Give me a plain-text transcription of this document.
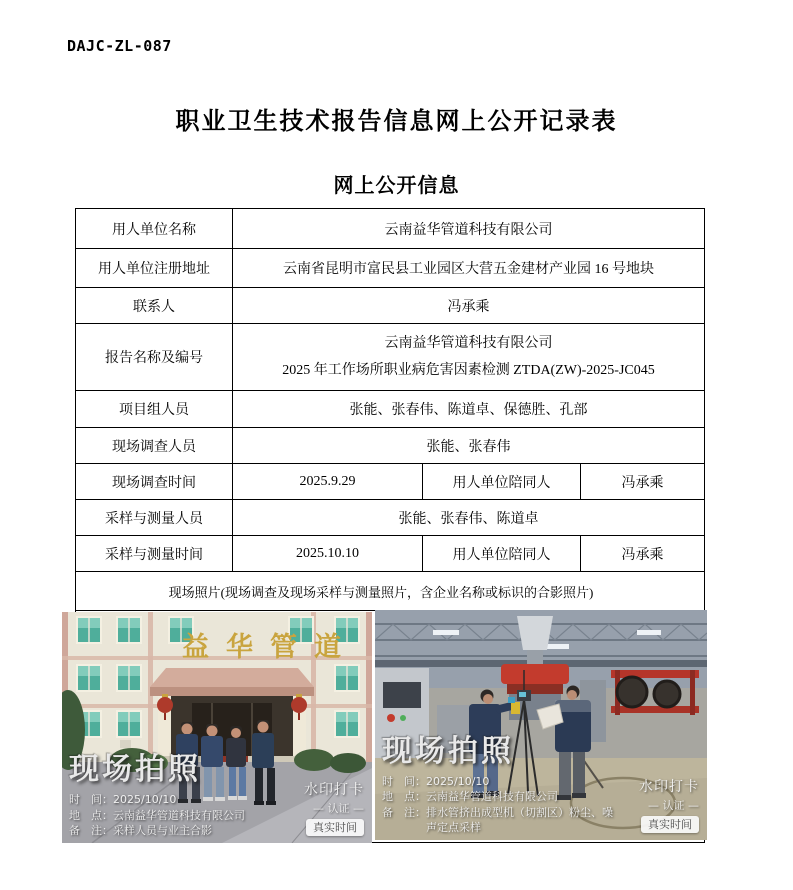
DAJC-ZL-087
职业卫生技术报告信息网上公开记录表
网上公开信息
用人单位名称	云南益华管道科技有限公司		
用人单位注册地址	云南省昆明市富民县工业园区大营五金建材产业园 16 号地块		
联系人	冯承乘		
报告名称及编号	云南益华管道科技有限公司
2025 年工作场所职业病危害因素检测 ZTDA(ZW)-2025-JC045		

项目组人员	张能、张春伟、陈道卓、保德胜、孔部		
现场调查人员	张能、张春伟		
现场调查时间	2025.9.29	用人单位陪同人	冯承乘
采样与测量人员	张能、张春伟、陈道卓		
采样与测量时间	2025.10.10	用人单位陪同人	冯承乘
现场照片(现场调查及现场采样与测量照片，含企业名称或标识的合影照片)			

益华管道
现场拍照
时　间： 2025/10/10
地　点： 云南益华管道科技有限公司
备　注： 采样人员与业主合影
水印打卡
— 认证 —
真实时间
现场拍照
时　间： 2025/10/10
地　点： 云南益华管道科技有限公司
备　注： 排水管挤出成型机（切割区）粉尘、噪声定点采样
水印打卡
— 认证 —
真实时间
